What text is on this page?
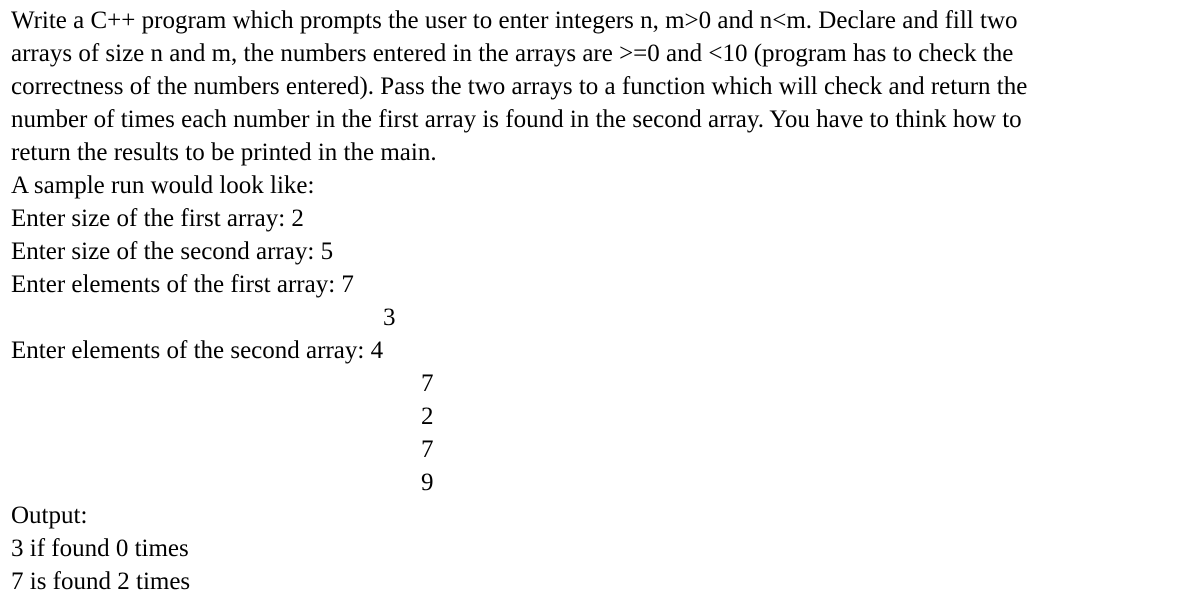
Write a C++ program which prompts the user to enter integers n, m>0 and n<m. Declare and fill two
arrays of size n and m, the numbers entered in the arrays are >=0 and <10 (program has to check the
correctness of the numbers entered). Pass the two arrays to a function which will check and return the
number of times each number in the first array is found in the second array. You have to think how to
return the results to be printed in the main.
A sample run would look like:
Enter size of the first array: 2
Enter size of the second array: 5
Enter elements of the first array: 7
3
Enter elements of the second array: 4
7
2
7
9
Output:
3 if found 0 times
7 is found 2 times
